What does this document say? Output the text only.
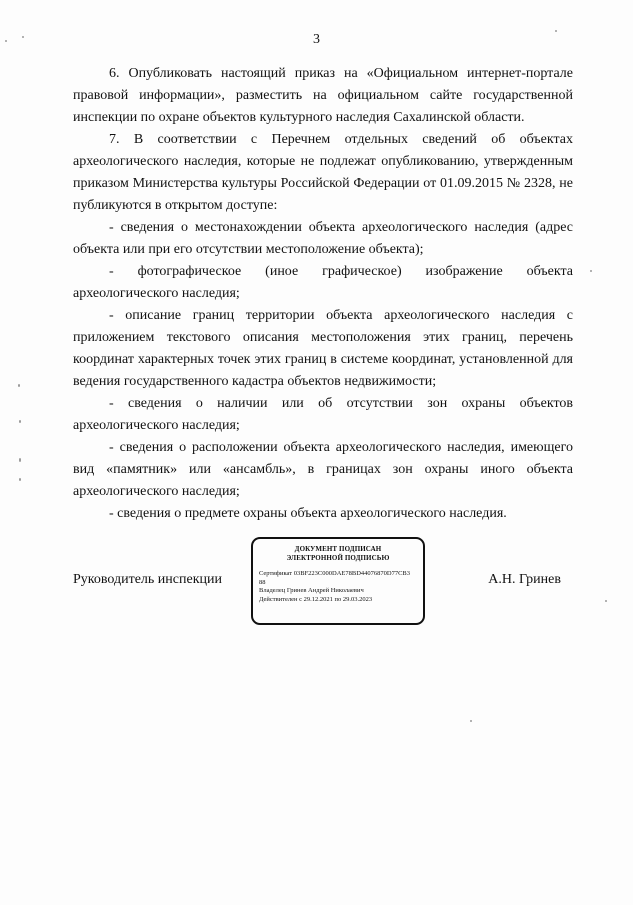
3

6. Опубликовать настоящий приказ на «Официальном интернет-портале правовой информации», разместить на официальном сайте государственной инспекции по охране объектов культурного наследия Сахалинской области.

7. В соответствии с Перечнем отдельных сведений об объектах археологического наследия, которые не подлежат опубликованию, утвержденным приказом Министерства культуры Российской Федерации от 01.09.2015 № 2328, не публикуются в открытом доступе:

- сведения о местонахождении объекта археологического наследия (адрес объекта или при его отсутствии местоположение объекта);

- фотографическое (иное графическое) изображение объекта археологического наследия;

- описание границ территории объекта археологического наследия с приложением текстового описания местоположения этих границ, перечень координат характерных точек этих границ в системе координат, установленной для ведения государственного кадастра объектов недвижимости;

- сведения о наличии или об отсутствии зон охраны объектов археологического наследия;

- сведения о расположении объекта археологического наследия, имеющего вид «памятник» или «ансамбль», в границах зон охраны иного объекта археологического наследия;

- сведения о предмете охраны объекта археологического наследия.

Руководитель инспекции	А.Н. Гринев
ДОКУМЕНТ ПОДПИСАН
ЭЛЕКТРОННОЙ ПОДПИСЬЮ
Сертификат 03BF223C000DAE78BD44076870D77CB3
88
Владелец Гринев Андрей Николаевич
Действителен с 29.12.2021 по 29.03.2023
